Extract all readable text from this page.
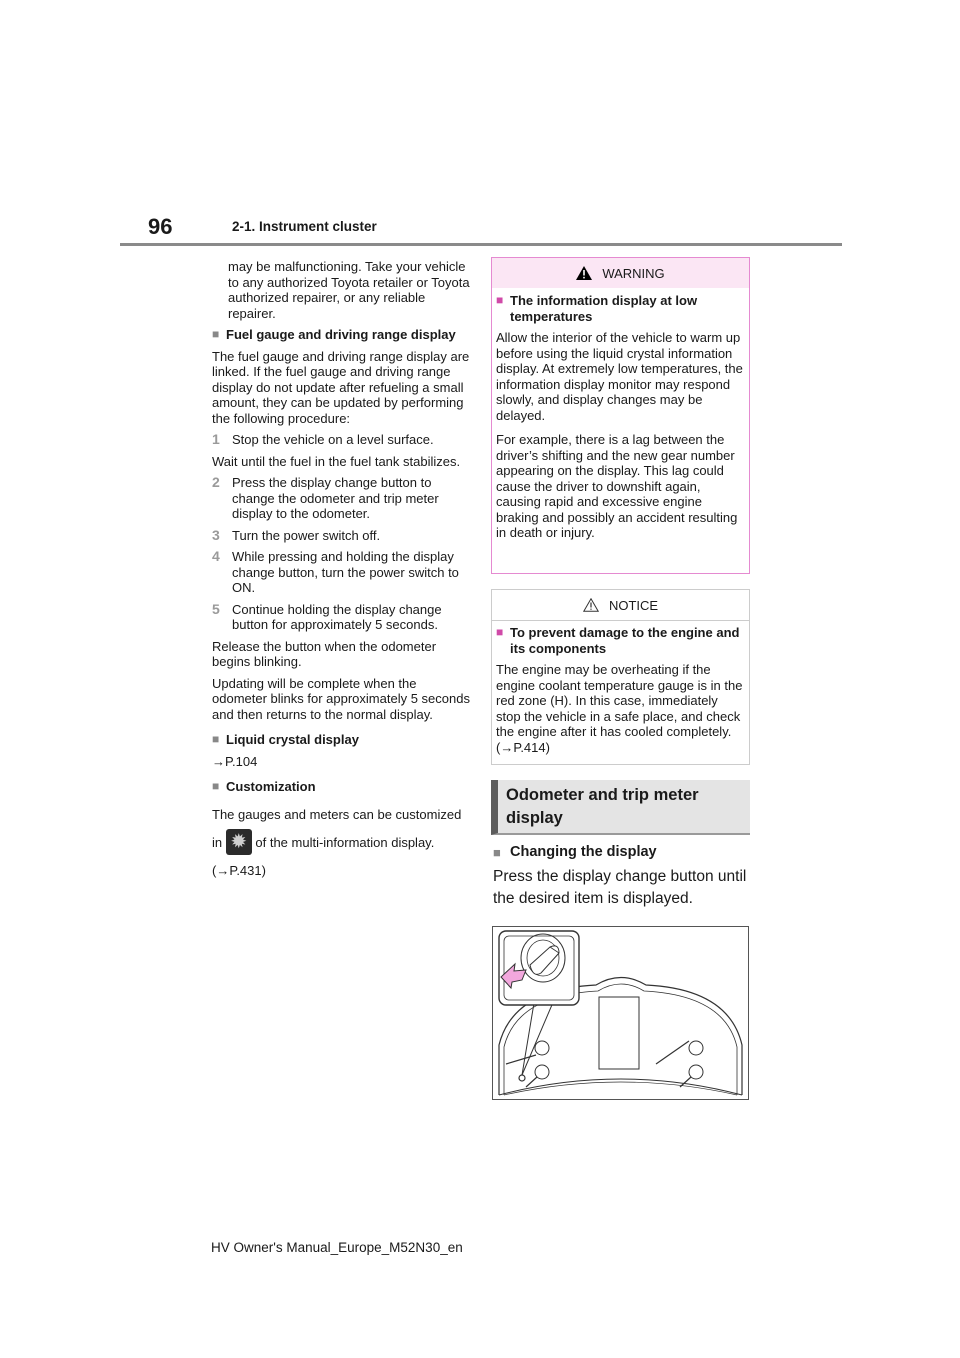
96	2-1. Instrument cluster

may be malfunctioning. Take your vehicle to any authorized Toyota retailer or Toyota authorized repairer, or any reliable repairer.

■ Fuel gauge and driving range display

The fuel gauge and driving range display are linked. If the fuel gauge and driving range display do not update after refueling a small amount, they can be updated by performing the following procedure:

1 Stop the vehicle on a level surface.

Wait until the fuel in the fuel tank stabilizes.

2 Press the display change button to change the odometer and trip meter display to the odometer.
3 Turn the power switch off.
4 While pressing and holding the display change button, turn the power switch to ON.
5 Continue holding the display change button for approximately 5 seconds.

Release the button when the odometer begins blinking.

Updating will be complete when the odometer blinks for approximately 5 seconds and then returns to the normal display.

■ Liquid crystal display

→P.104

■ Customization

The gauges and meters can be customized in ✹ of the multi-information display. (→P.431)

WARNING
■ The information display at low temperatures

Allow the interior of the vehicle to warm up before using the liquid crystal information display. At extremely low temperatures, the information display monitor may respond slowly, and display changes may be delayed.

For example, there is a lag between the driver’s shifting and the new gear number appearing on the display. This lag could cause the driver to downshift again, causing rapid and excessive engine braking and possibly an accident resulting in death or injury.

NOTICE
■ To prevent damage to the engine and its components

The engine may be overheating if the engine coolant temperature gauge is in the red zone (H). In this case, immediately stop the vehicle in a safe place, and check the engine after it has cooled completely. (→P.414)

Odometer and trip meter display
■ Changing the display
Press the display change button until the desired item is displayed.
HV Owner's Manual_Europe_M52N30_en
